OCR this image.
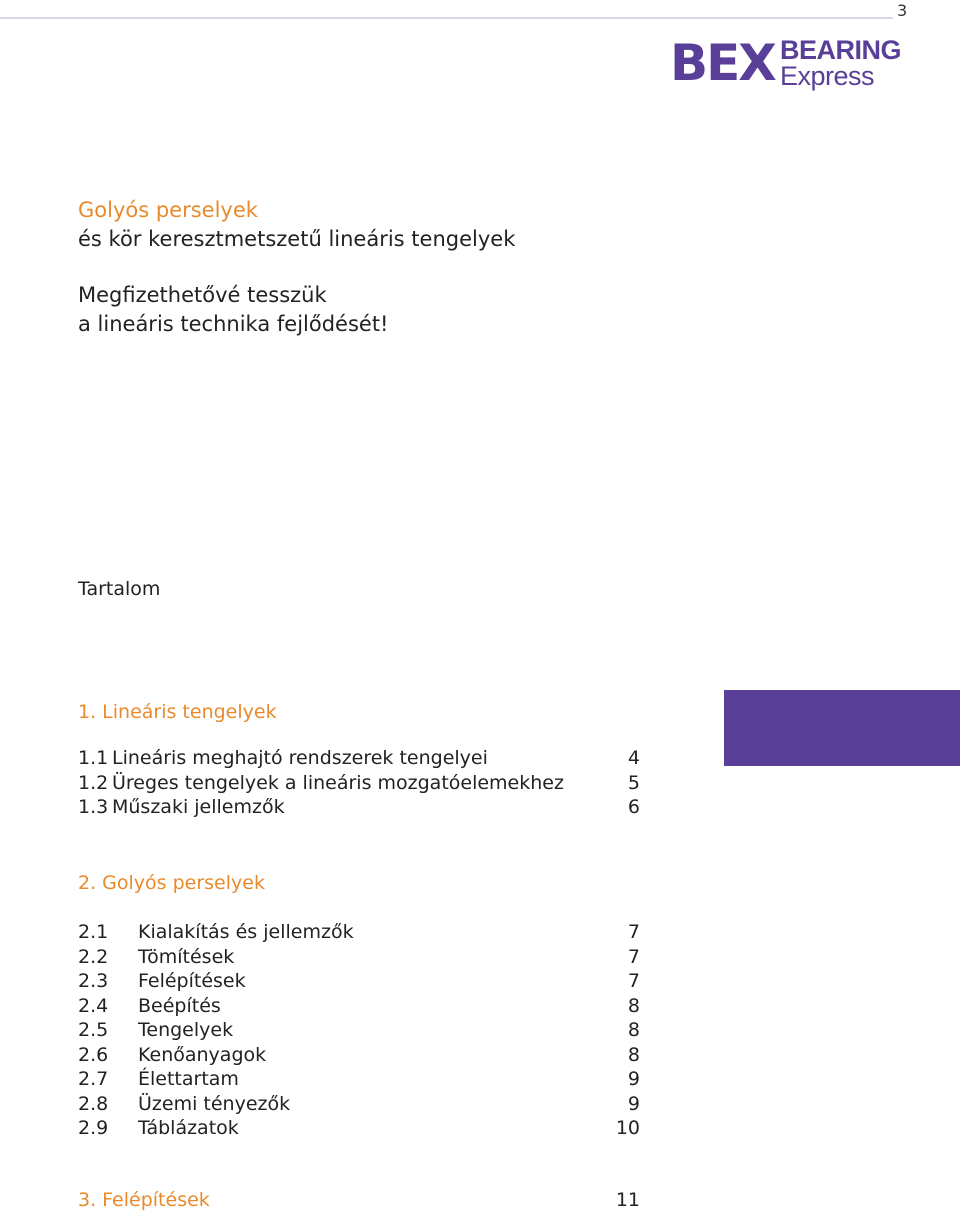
3
BEX BEARING
Express
Golyós perselyek
és kör keresztmetszetű lineáris tengelyek
Megfizethetővé tesszük
a lineáris technika fejlődését!
Tartalom
1. Lineáris tengelyek
1.1 Lineáris meghajtó rendszerek tengelyei	4
1.2 Üreges tengelyek a lineáris mozgatóelemekhez	5
1.3 Műszaki jellemzők	6
2. Golyós perselyek
2.1 Kialakítás és jellemzők	7
2.2 Tömítések	7
2.3 Felépítések	7
2.4 Beépítés	8
2.5 Tengelyek	8
2.6 Kenőanyagok	8
2.7 Élettartam	9
2.8 Üzemi tényezők	9
2.9 Táblázatok	10
3. Felépítések	11
